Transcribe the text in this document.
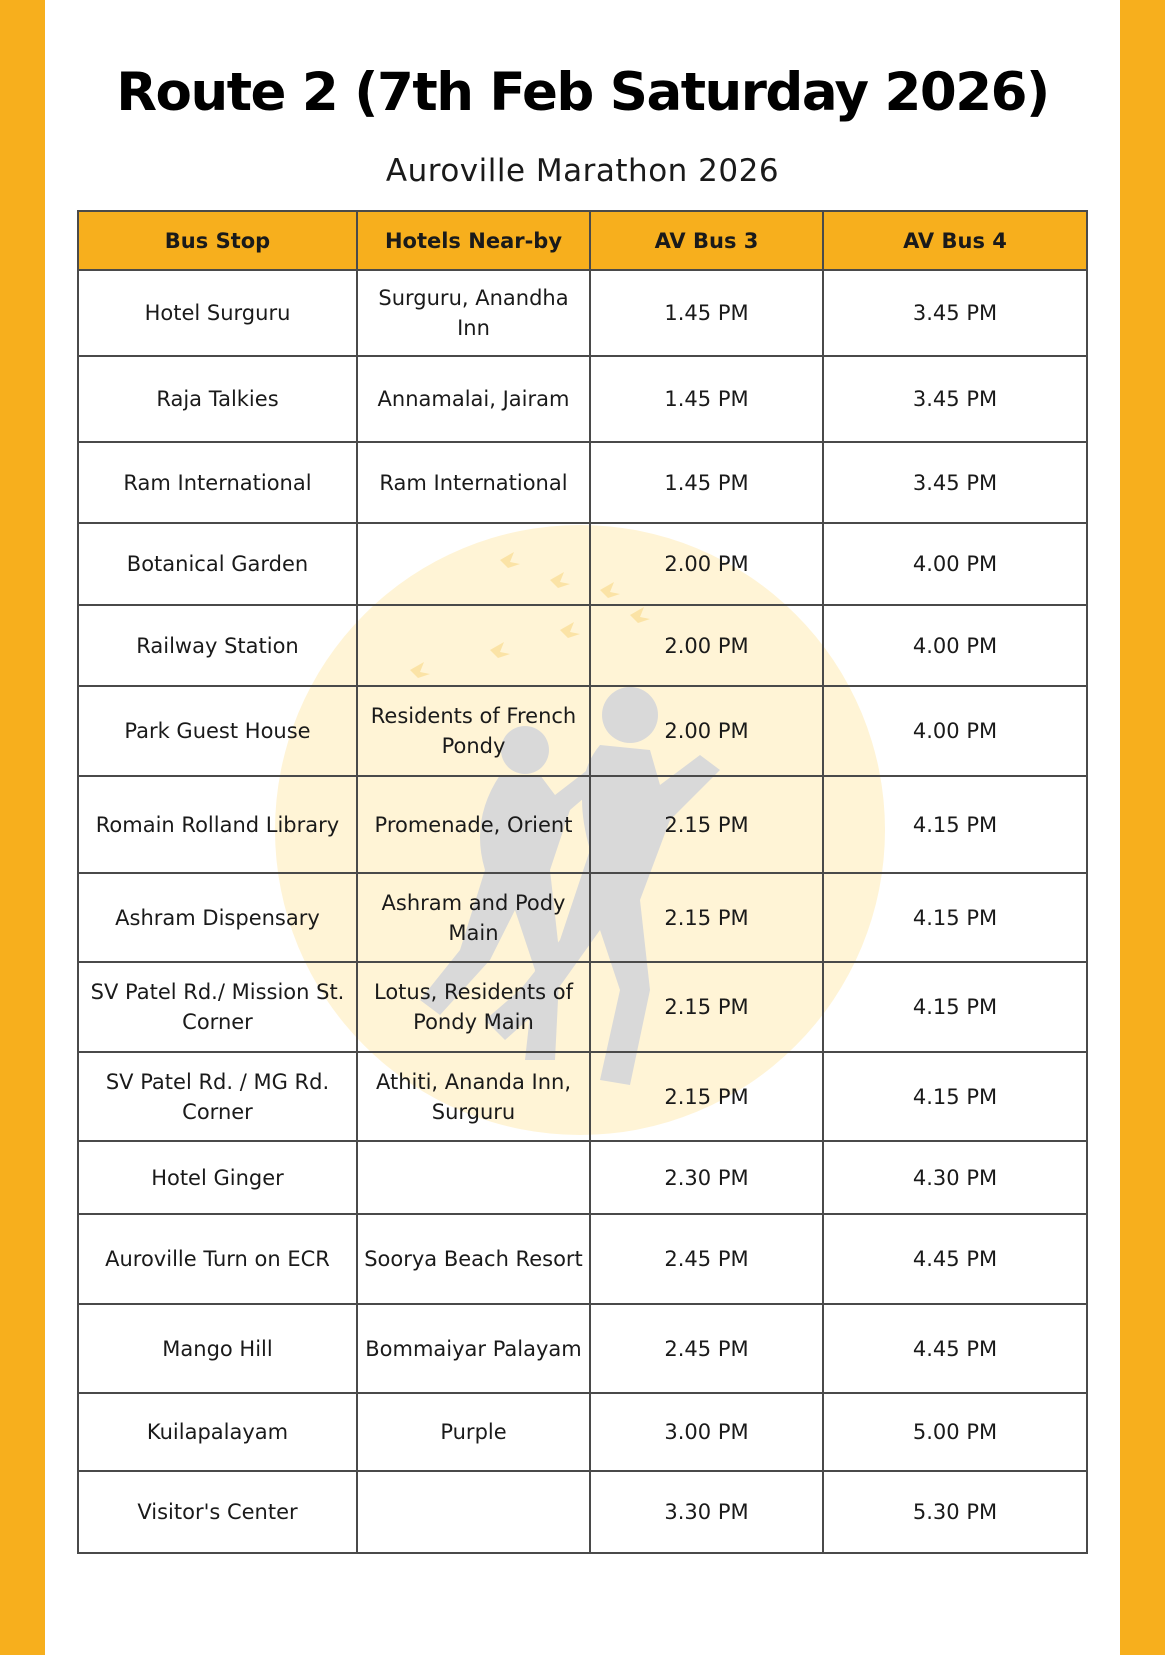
Route 2 (7th Feb Saturday 2026)
Auroville Marathon 2026
Bus Stop	Hotels Near-by	AV Bus 3	AV Bus 4
Hotel Surguru	Surguru, Anandha Inn	1.45 PM	3.45 PM
Raja Talkies	Annamalai, Jairam	1.45 PM	3.45 PM
Ram International	Ram International	1.45 PM	3.45 PM
Botanical Garden		2.00 PM	4.00 PM
Railway Station		2.00 PM	4.00 PM
Park Guest House	Residents of French Pondy	2.00 PM	4.00 PM
Romain Rolland Library	Promenade, Orient	2.15 PM	4.15 PM
Ashram Dispensary	Ashram and Pody Main	2.15 PM	4.15 PM
SV Patel Rd./ Mission St. Corner	Lotus, Residents of Pondy Main	2.15 PM	4.15 PM
SV Patel Rd. / MG Rd. Corner	Athiti, Ananda Inn, Surguru	2.15 PM	4.15 PM
Hotel Ginger		2.30 PM	4.30 PM
Auroville Turn on ECR	Soorya Beach Resort	2.45 PM	4.45 PM
Mango Hill	Bommaiyar Palayam	2.45 PM	4.45 PM
Kuilapalayam	Purple	3.00 PM	5.00 PM
Visitor's Center		3.30 PM	5.30 PM
